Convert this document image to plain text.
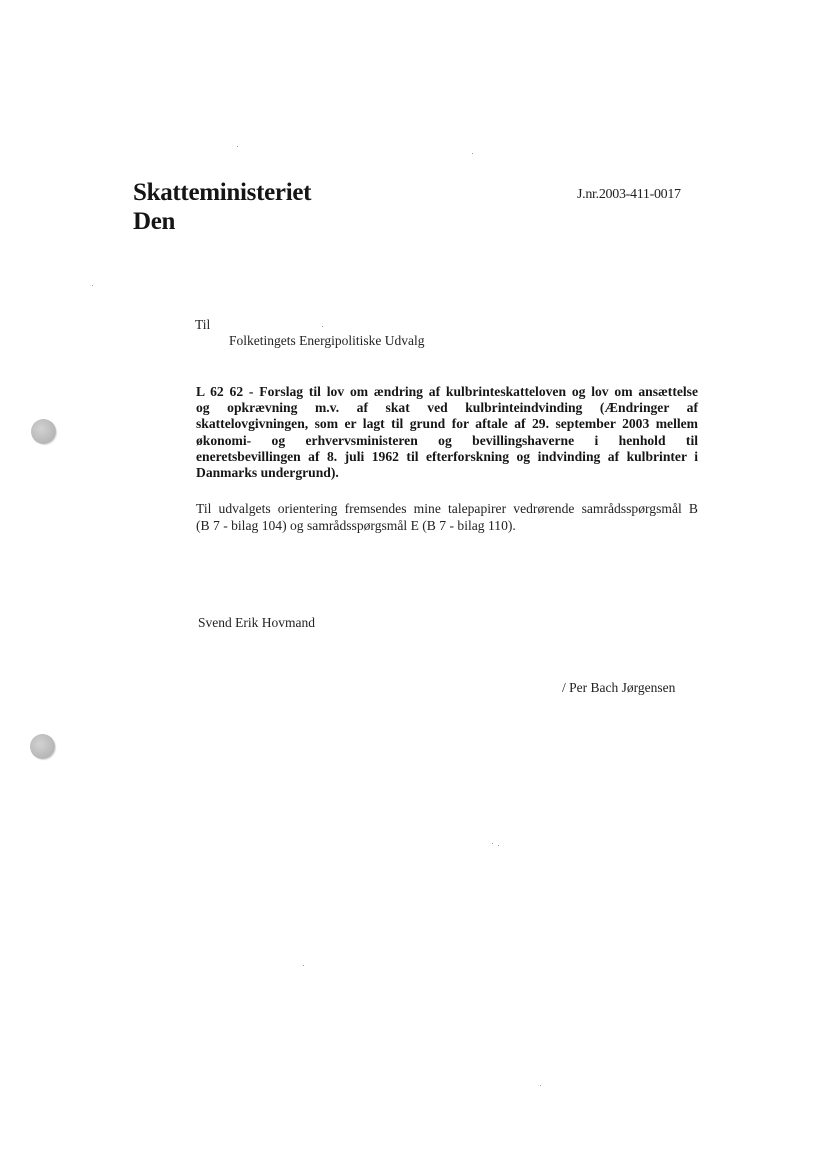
Skatteministeriet
Den
J.nr.2003-411-0017
Til
Folketingets Energipolitiske Udvalg
L 62 62 - Forslag til lov om ændring af kulbrinteskatteloven og lov om ansættelse
og opkrævning m.v. af skat ved kulbrinteindvinding (Ændringer af
skattelovgivningen, som er lagt til grund for aftale af 29. september 2003 mellem
økonomi- og erhvervsministeren og bevillingshaverne i henhold til
eneretsbevillingen af 8. juli 1962 til efterforskning og indvinding af kulbrinter i
Danmarks undergrund).
Til udvalgets orientering fremsendes mine talepapirer vedrørende samrådsspørgsmål B
(B 7 - bilag 104) og samrådsspørgsmål E (B 7 - bilag 110).
Svend Erik Hovmand
/ Per Bach Jørgensen
